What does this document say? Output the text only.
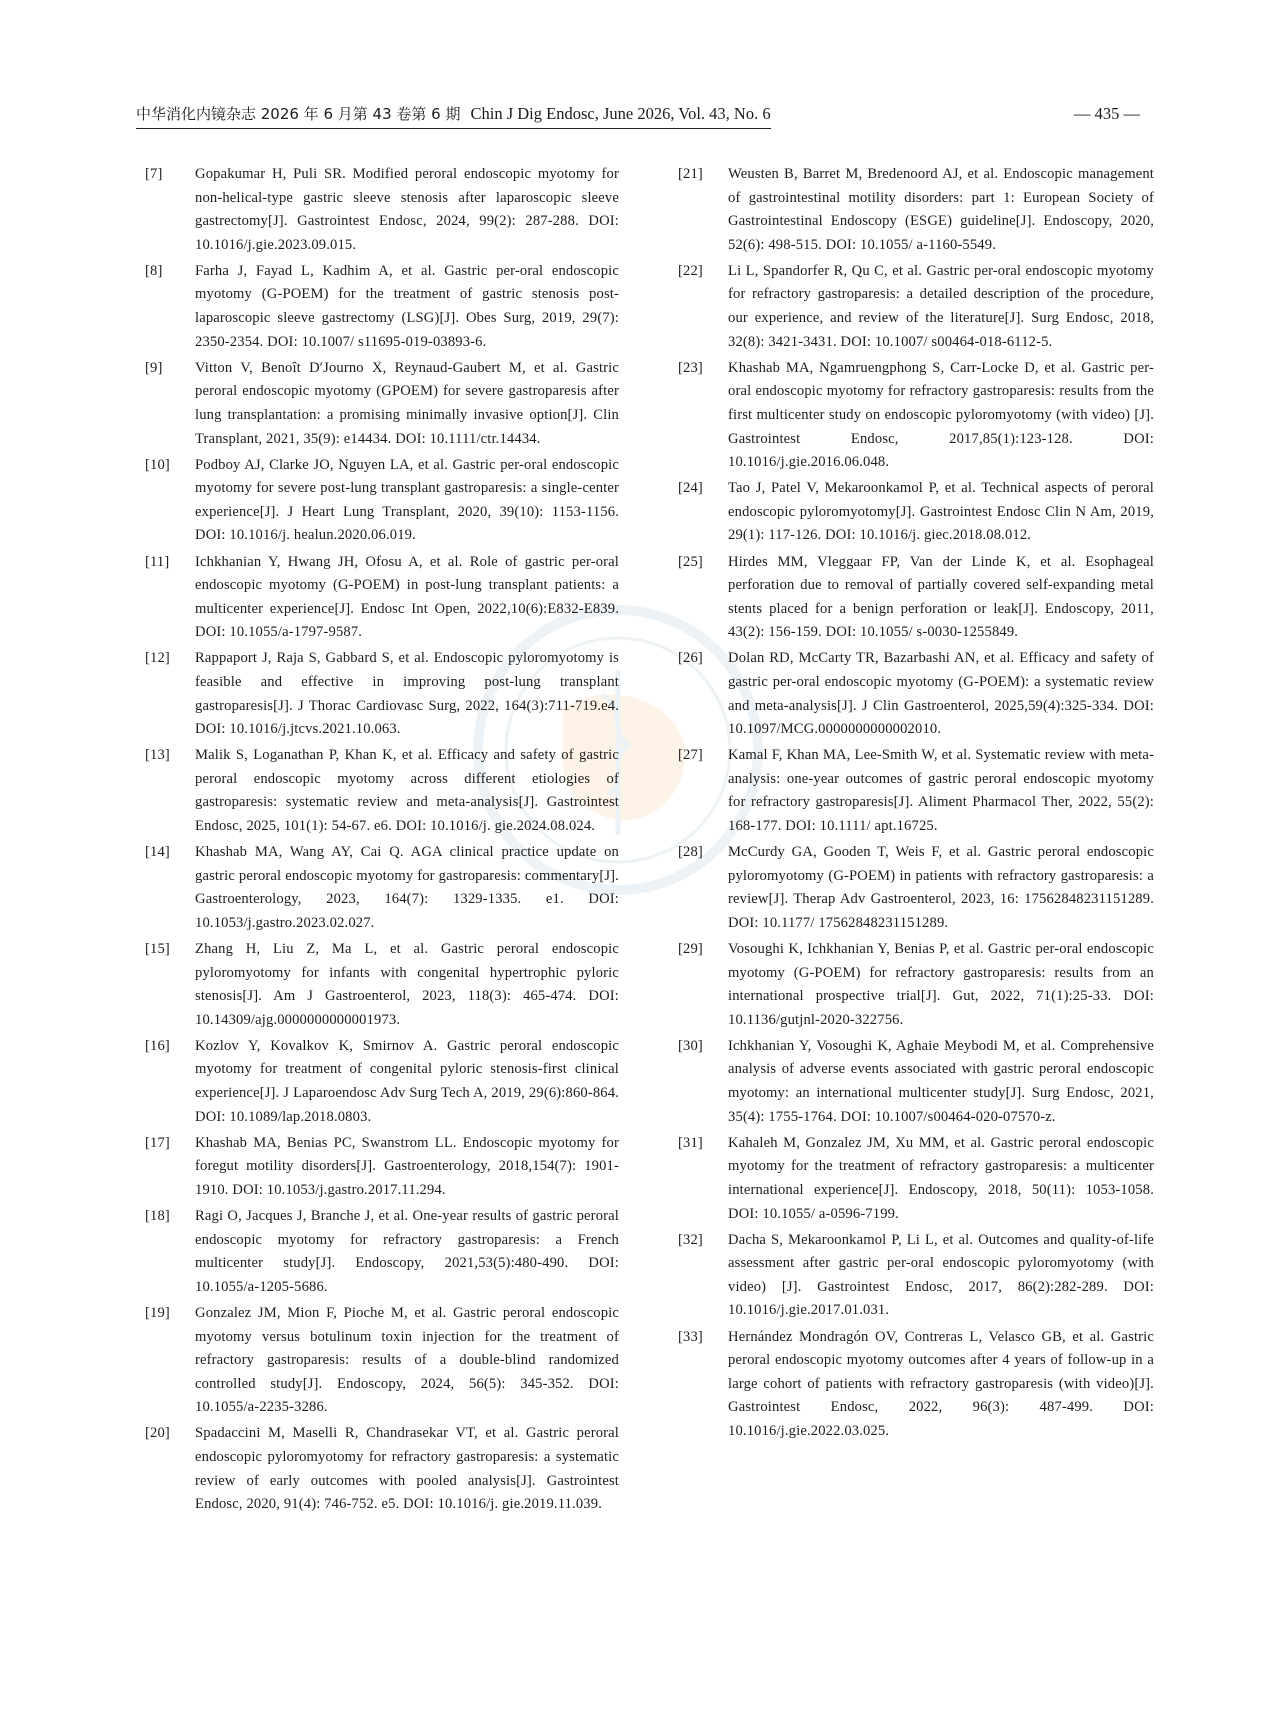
中华消化内镜杂志 2026 年 6 月第 43 卷第 6 期 Chin J Dig Endosc, June 2026, Vol. 43, No. 6	— 435 —
[7] Gopakumar H, Puli SR. Modified peroral endoscopic myotomy for non-helical-type gastric sleeve stenosis after laparoscopic sleeve gastrectomy[J]. Gastrointest Endosc, 2024, 99(2): 287-288. DOI: 10.1016/j.gie.2023.09.015.
[8] Farha J, Fayad L, Kadhim A, et al. Gastric per-oral endoscopic myotomy (G-POEM) for the treatment of gastric stenosis post-laparoscopic sleeve gastrectomy (LSG)[J]. Obes Surg, 2019, 29(7): 2350-2354. DOI: 10.1007/ s11695-019-03893-6.
[9] Vitton V, Benoît D′Journo X, Reynaud-Gaubert M, et al. Gastric peroral endoscopic myotomy (GPOEM) for severe gastroparesis after lung transplantation: a promising minimally invasive option[J]. Clin Transplant, 2021, 35(9): e14434. DOI: 10.1111/ctr.14434.
[10] Podboy AJ, Clarke JO, Nguyen LA, et al. Gastric per-oral endoscopic myotomy for severe post-lung transplant gastroparesis: a single-center experience[J]. J Heart Lung Transplant, 2020, 39(10): 1153-1156. DOI: 10.1016/j. healun.2020.06.019.
[11] Ichkhanian Y, Hwang JH, Ofosu A, et al. Role of gastric per-oral endoscopic myotomy (G-POEM) in post-lung transplant patients: a multicenter experience[J]. Endosc Int Open, 2022,10(6):E832-E839. DOI: 10.1055/a-1797-9587.
[12] Rappaport J, Raja S, Gabbard S, et al. Endoscopic pyloromyotomy is feasible and effective in improving post-lung transplant gastroparesis[J]. J Thorac Cardiovasc Surg, 2022, 164(3):711-719.e4. DOI: 10.1016/j.jtcvs.2021.10.063.
[13] Malik S, Loganathan P, Khan K, et al. Efficacy and safety of gastric peroral endoscopic myotomy across different etiologies of gastroparesis: systematic review and meta-analysis[J]. Gastrointest Endosc, 2025, 101(1): 54-67. e6. DOI: 10.1016/j. gie.2024.08.024.
[14] Khashab MA, Wang AY, Cai Q. AGA clinical practice update on gastric peroral endoscopic myotomy for gastroparesis: commentary[J]. Gastroenterology, 2023, 164(7): 1329-1335. e1. DOI: 10.1053/j.gastro.2023.02.027.
[15] Zhang H, Liu Z, Ma L, et al. Gastric peroral endoscopic pyloromyotomy for infants with congenital hypertrophic pyloric stenosis[J]. Am J Gastroenterol, 2023, 118(3): 465-474. DOI: 10.14309/ajg.0000000000001973.
[16] Kozlov Y, Kovalkov K, Smirnov A. Gastric peroral endoscopic myotomy for treatment of congenital pyloric stenosis-first clinical experience[J]. J Laparoendosc Adv Surg Tech A, 2019, 29(6):860-864. DOI: 10.1089/lap.2018.0803.
[17] Khashab MA, Benias PC, Swanstrom LL. Endoscopic myotomy for foregut motility disorders[J]. Gastroenterology, 2018,154(7): 1901-1910. DOI: 10.1053/j.gastro.2017.11.294.
[18] Ragi O, Jacques J, Branche J, et al. One-year results of gastric peroral endoscopic myotomy for refractory gastroparesis: a French multicenter study[J]. Endoscopy, 2021,53(5):480-490. DOI: 10.1055/a-1205-5686.
[19] Gonzalez JM, Mion F, Pioche M, et al. Gastric peroral endoscopic myotomy versus botulinum toxin injection for the treatment of refractory gastroparesis: results of a double-blind randomized controlled study[J]. Endoscopy, 2024, 56(5): 345-352. DOI: 10.1055/a-2235-3286.
[20] Spadaccini M, Maselli R, Chandrasekar VT, et al. Gastric peroral endoscopic pyloromyotomy for refractory gastroparesis: a systematic review of early outcomes with pooled analysis[J]. Gastrointest Endosc, 2020, 91(4): 746-752. e5. DOI: 10.1016/j. gie.2019.11.039.
[21] Weusten B, Barret M, Bredenoord AJ, et al. Endoscopic management of gastrointestinal motility disorders: part 1: European Society of Gastrointestinal Endoscopy (ESGE) guideline[J]. Endoscopy, 2020, 52(6): 498-515. DOI: 10.1055/ a-1160-5549.
[22] Li L, Spandorfer R, Qu C, et al. Gastric per-oral endoscopic myotomy for refractory gastroparesis: a detailed description of the procedure, our experience, and review of the literature[J]. Surg Endosc, 2018, 32(8): 3421-3431. DOI: 10.1007/ s00464-018-6112-5.
[23] Khashab MA, Ngamruengphong S, Carr-Locke D, et al. Gastric per-oral endoscopic myotomy for refractory gastroparesis: results from the first multicenter study on endoscopic pyloromyotomy (with video) [J]. Gastrointest Endosc, 2017,85(1):123-128. DOI: 10.1016/j.gie.2016.06.048.
[24] Tao J, Patel V, Mekaroonkamol P, et al. Technical aspects of peroral endoscopic pyloromyotomy[J]. Gastrointest Endosc Clin N Am, 2019, 29(1): 117-126. DOI: 10.1016/j. giec.2018.08.012.
[25] Hirdes MM, Vleggaar FP, Van der Linde K, et al. Esophageal perforation due to removal of partially covered self-expanding metal stents placed for a benign perforation or leak[J]. Endoscopy, 2011, 43(2): 156-159. DOI: 10.1055/ s-0030-1255849.
[26] Dolan RD, McCarty TR, Bazarbashi AN, et al. Efficacy and safety of gastric per-oral endoscopic myotomy (G-POEM): a systematic review and meta-analysis[J]. J Clin Gastroenterol, 2025,59(4):325-334. DOI: 10.1097/MCG.0000000000002010.
[27] Kamal F, Khan MA, Lee-Smith W, et al. Systematic review with meta-analysis: one-year outcomes of gastric peroral endoscopic myotomy for refractory gastroparesis[J]. Aliment Pharmacol Ther, 2022, 55(2): 168-177. DOI: 10.1111/ apt.16725.
[28] McCurdy GA, Gooden T, Weis F, et al. Gastric peroral endoscopic pyloromyotomy (G-POEM) in patients with refractory gastroparesis: a review[J]. Therap Adv Gastroenterol, 2023, 16: 17562848231151289. DOI: 10.1177/ 17562848231151289.
[29] Vosoughi K, Ichkhanian Y, Benias P, et al. Gastric per-oral endoscopic myotomy (G-POEM) for refractory gastroparesis: results from an international prospective trial[J]. Gut, 2022, 71(1):25-33. DOI: 10.1136/gutjnl-2020-322756.
[30] Ichkhanian Y, Vosoughi K, Aghaie Meybodi M, et al. Comprehensive analysis of adverse events associated with gastric peroral endoscopic myotomy: an international multicenter study[J]. Surg Endosc, 2021, 35(4): 1755-1764. DOI: 10.1007/s00464-020-07570-z.
[31] Kahaleh M, Gonzalez JM, Xu MM, et al. Gastric peroral endoscopic myotomy for the treatment of refractory gastroparesis: a multicenter international experience[J]. Endoscopy, 2018, 50(11): 1053-1058. DOI: 10.1055/ a-0596-7199.
[32] Dacha S, Mekaroonkamol P, Li L, et al. Outcomes and quality-of-life assessment after gastric per-oral endoscopic pyloromyotomy (with video) [J]. Gastrointest Endosc, 2017, 86(2):282-289. DOI: 10.1016/j.gie.2017.01.031.
[33] Hernández Mondragón OV, Contreras L, Velasco GB, et al. Gastric peroral endoscopic myotomy outcomes after 4 years of follow-up in a large cohort of patients with refractory gastroparesis (with video)[J]. Gastrointest Endosc, 2022, 96(3): 487-499. DOI: 10.1016/j.gie.2022.03.025.
